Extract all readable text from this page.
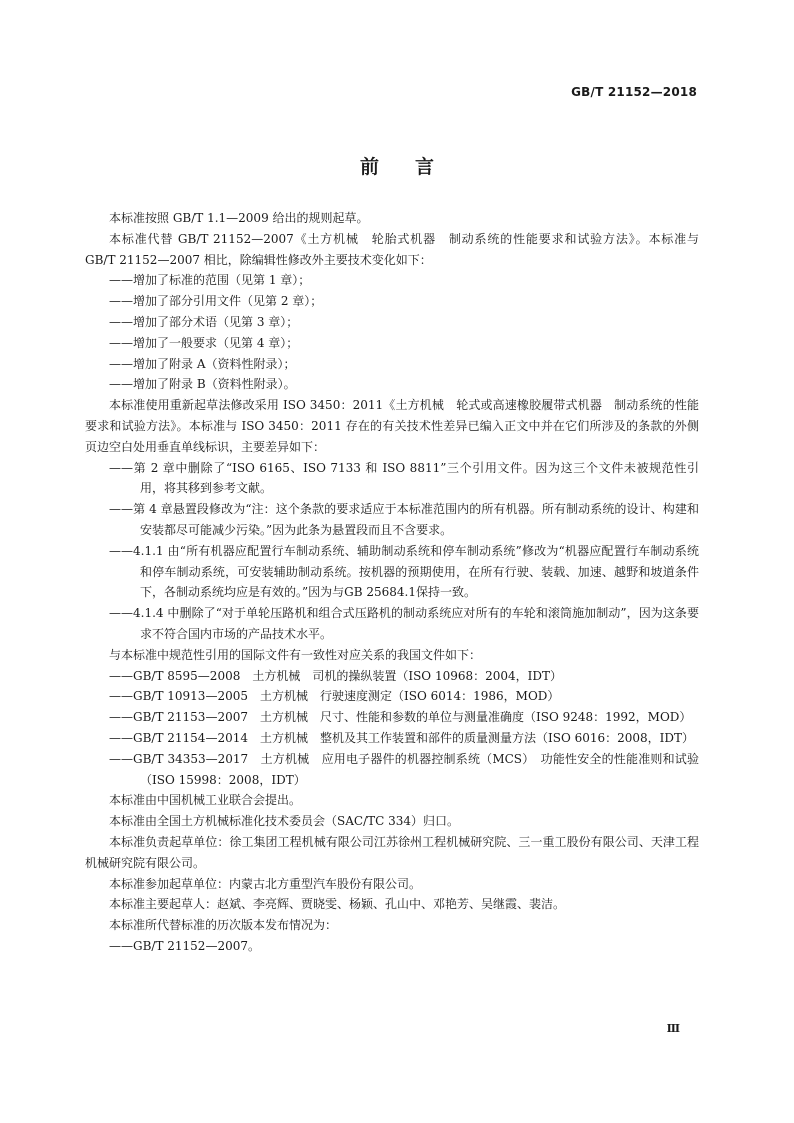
GB/T 21152—2018
前言

本标准按照 GB/T 1.1—2009 给出的规则起草。

本标准代替 GB/T 21152—2007《土方机械　轮胎式机器　制动系统的性能要求和试验方法》。本标准与 GB/T 21152—2007 相比，除编辑性修改外主要技术变化如下：

——增加了标准的范围（见第 1 章）；

——增加了部分引用文件（见第 2 章）；

——增加了部分术语（见第 3 章）；

——增加了一般要求（见第 4 章）；

——增加了附录 A（资料性附录）；

——增加了附录 B（资料性附录）。

本标准使用重新起草法修改采用 ISO 3450：2011《土方机械　轮式或高速橡胶履带式机器　制动系统的性能要求和试验方法》。本标准与 ISO 3450：2011 存在的有关技术性差异已编入正文中并在它们所涉及的条款的外侧页边空白处用垂直单线标识，主要差异如下：

——第 2 章中删除了“ISO 6165、ISO 7133 和 ISO 8811”三个引用文件。因为这三个文件未被规范性引用，将其移到参考文献。

——第 4 章悬置段修改为“注：这个条款的要求适应于本标准范围内的所有机器。所有制动系统的设计、构建和安装都尽可能减少污染。”因为此条为悬置段而且不含要求。

——4.1.1 由“所有机器应配置行车制动系统、辅助制动系统和停车制动系统”修改为“机器应配置行车制动系统和停车制动系统，可安装辅助制动系统。按机器的预期使用，在所有行驶、装载、加速、越野和坡道条件下，各制动系统均应是有效的。”因为与GB 25684.1保持一致。

——4.1.4 中删除了“对于单轮压路机和组合式压路机的制动系统应对所有的车轮和滚筒施加制动”，因为这条要求不符合国内市场的产品技术水平。

与本标准中规范性引用的国际文件有一致性对应关系的我国文件如下：

——GB/T 8595—2008　土方机械　司机的操纵装置（ISO 10968：2004，IDT）

——GB/T 10913—2005　土方机械　行驶速度测定（ISO 6014：1986，MOD）

——GB/T 21153—2007　土方机械　尺寸、性能和参数的单位与测量准确度（ISO 9248：1992，MOD）

——GB/T 21154—2014　土方机械　整机及其工作装置和部件的质量测量方法（ISO 6016：2008，IDT）

——GB/T 34353—2017　土方机械　应用电子器件的机器控制系统（MCS）　功能性安全的性能准则和试验（ISO 15998：2008，IDT）

本标准由中国机械工业联合会提出。

本标准由全国土方机械标准化技术委员会（SAC/TC 334）归口。

本标准负责起草单位：徐工集团工程机械有限公司江苏徐州工程机械研究院、三一重工股份有限公司、天津工程机械研究院有限公司。

本标准参加起草单位：内蒙古北方重型汽车股份有限公司。

本标准主要起草人：赵斌、李亮辉、贾晓雯、杨颖、孔山中、邓艳芳、吴继霞、裴洁。

本标准所代替标准的历次版本发布情况为：

——GB/T 21152—2007。

Ⅲ
